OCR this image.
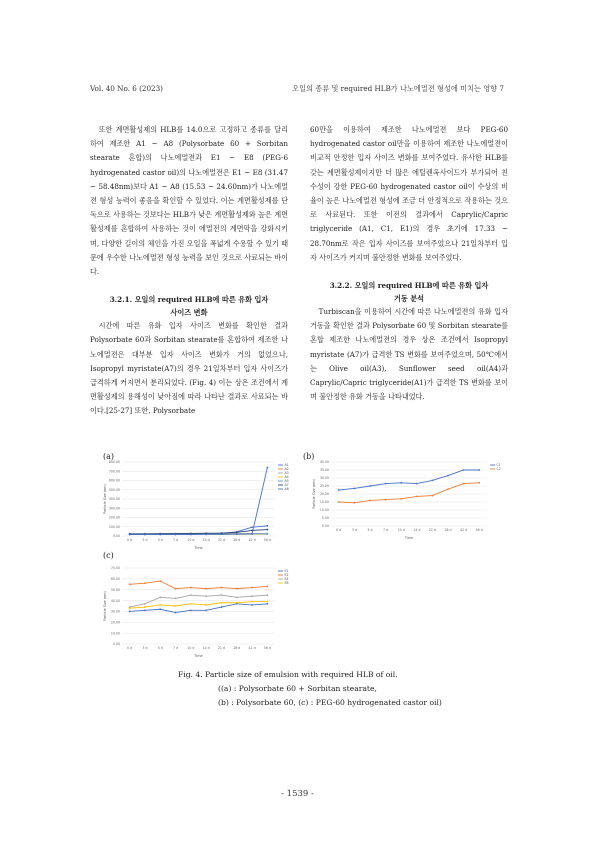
Vol. 40 No. 6 (2023)	오일의 종류 및 required HLB가 나노에멀젼 형성에 미치는 영향 7

또한 계면활성제의 HLB를 14.0으로 고정하고 종류를 달리하여 제조한 A1 ~ A8 (Polysorbate 60 + Sorbitan stearate 혼합)의 나노에멀젼과 E1 ~ E8 (PEG-6 hydrogenated castor oil)의 나노에멀전은 E1 ~ E8 (31.47 ~ 58.48nm)보다 A1 ~ A8 (15.53 ~ 24.60nm)가 나노에멀젼 형성 능력이 좋음을 확인할 수 있었다. 이는 계면활성제를 단독으로 사용하는 것보다는 HLB가 낮은 계면활성제와 높은 계면활성제를 혼합하여 사용하는 것이 에멀전의 계면막을 강화시키며, 다양한 길이의 체인을 가진 오일을 폭넓게 수용할 수 있기 때문에 우수한 나노에멀젼 형성 능력을 보인 것으로 사료되는 바이다.

3.2.1. 오일의 required HLB에 따른 유화 입자
사이즈 변화

시간에 따른 유화 입자 사이즈 변화를 확인한 결과 Polysorbate 60과 Sorbitan stearate를 혼합하여 제조한 나노에멀젼은 대부분 입자 사이즈 변화가 거의 없었으나, Isopropyl myristate(A7)의 경우 21일차부터 입자 사이즈가 급격하게 커지면서 분리되었다. (Fig. 4) 이는 상온 조건에서 계면활성제의 용해성이 낮아짐에 따라 나타난 결과로 사료되는 바이다.[25-27] 또한, Polysorbate

60만을 이용하여 제조한 나노에멀젼 보다 PEG-60 hydrogenated castor oil만을 이용하여 제조한 나노에멀젼이 비교적 안정한 입자 사이즈 변화를 보여주었다. 유사한 HLB를 갖는 계면활성제이지만 더 많은 에틸렌옥사이드가 부가되어 친수성이 강한 PEG-60 hydrogenated castor oil이 수상의 비율이 높은 나노에멀젼 형성에 조금 더 안정적으로 작용하는 것으로 사료된다. 또한 이전의 결과에서 Caprylic/Capric triglyceride (A1, C1, E1)의 경우 초기에 17.33 ~ 28.70nm로 작은 입자 사이즈를 보여주었으나 21일차부터 입자 사이즈가 커지며 불안정한 변화를 보여주었다.

3.2.2. 오일의 required HLB에 따른 유화 입자
거동 분석

Turbiscan을 이용하여 시간에 따른 나노에멀젼의 유화 입자 거동을 확인한 결과 Polysorbate 60 및 Sorbitan stearate를 혼합 제조한 나노에멀젼의 경우 상온 조건에서 Isopropyl myristate (A7)가 급격한 TS 변화를 보여주었으며, 50℃에서는 Olive oil(A3), Sunflower seed oil(A4)과 Caprylic/Capric triglyceride(A1)가 급격한 TS 변화를 보이며 불안정한 유화 거동을 나타내었다.

(a)	(b)
(c)
0.00
100.00
200.00
300.00
400.00
500.00
600.00
700.00
800.00
0 d	3 d	5 d	7 d	10 d	14 d	21 d	28 d	42 d	56 d
Time
Particle Size (nm)
A1
A2
A3
A4
A5
A7
A8
0.00
5.00
10.00
15.00
20.00
25.00
30.00
35.00
40.00
0 d	3 d	5 d	7 d	10 d	14 d	21 d	28 d	42 d	56 d
Time
Particle Size (nm)
C1
C2
0.00
10.00
20.00
30.00
40.00
50.00
60.00
70.00
0 d	3 d	5 d	7 d	10 d	14 d	21 d	28 d	42 d	56 d
Time
Particle Size (nm)
E1
E2
E4
E8
Fig. 4. Particle size of emulsion with required HLB of oil.
((a) : Polysorbate 60 + Sorbitan stearate,
(b) : Polysorbate 60, (c) : PEG-60 hydrogenated castor oil)
- 1539 -
